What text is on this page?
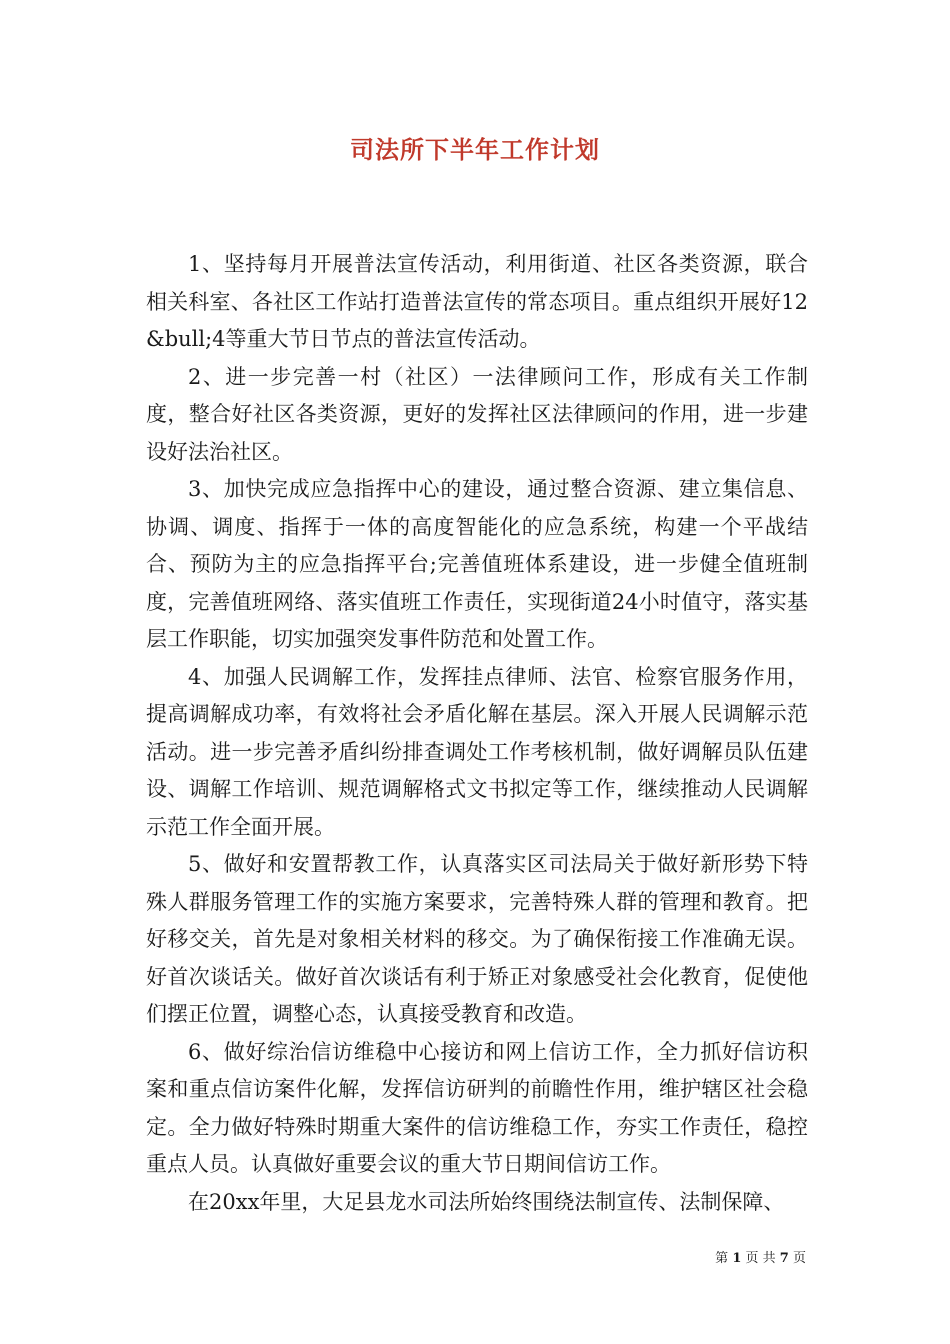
司法所下半年工作计划

1、坚持每月开展普法宣传活动，利用街道、社区各类资源，联合相关科室、各社区工作站打造普法宣传的常态项目。重点组织开展好12&bull;4等重大节日节点的普法宣传活动。

2、进一步完善一村（社区）一法律顾问工作，形成有关工作制度，整合好社区各类资源，更好的发挥社区法律顾问的作用，进一步建设好法治社区。

3、加快完成应急指挥中心的建设，通过整合资源、建立集信息、协调、调度、指挥于一体的高度智能化的应急系统，构建一个平战结合、预防为主的应急指挥平台;完善值班体系建设，进一步健全值班制度，完善值班网络、落实值班工作责任，实现街道24小时值守，落实基层工作职能，切实加强突发事件防范和处置工作。

4、加强人民调解工作，发挥挂点律师、法官、检察官服务作用，提高调解成功率，有效将社会矛盾化解在基层。深入开展人民调解示范活动。进一步完善矛盾纠纷排查调处工作考核机制，做好调解员队伍建设、调解工作培训、规范调解格式文书拟定等工作，继续推动人民调解示范工作全面开展。

5、做好和安置帮教工作，认真落实区司法局关于做好新形势下特殊人群服务管理工作的实施方案要求，完善特殊人群的管理和教育。把好移交关，首先是对象相关材料的移交。为了确保衔接工作准确无误。好首次谈话关。做好首次谈话有利于矫正对象感受社会化教育，促使他们摆正位置，调整心态，认真接受教育和改造。

6、做好综治信访维稳中心接访和网上信访工作，全力抓好信访积案和重点信访案件化解，发挥信访研判的前瞻性作用，维护辖区社会稳定。全力做好特殊时期重大案件的信访维稳工作，夯实工作责任，稳控重点人员。认真做好重要会议的重大节日期间信访工作。

在20xx年里，大足县龙水司法所始终围绕法制宣传、法制保障、

第 1 页 共 7 页
